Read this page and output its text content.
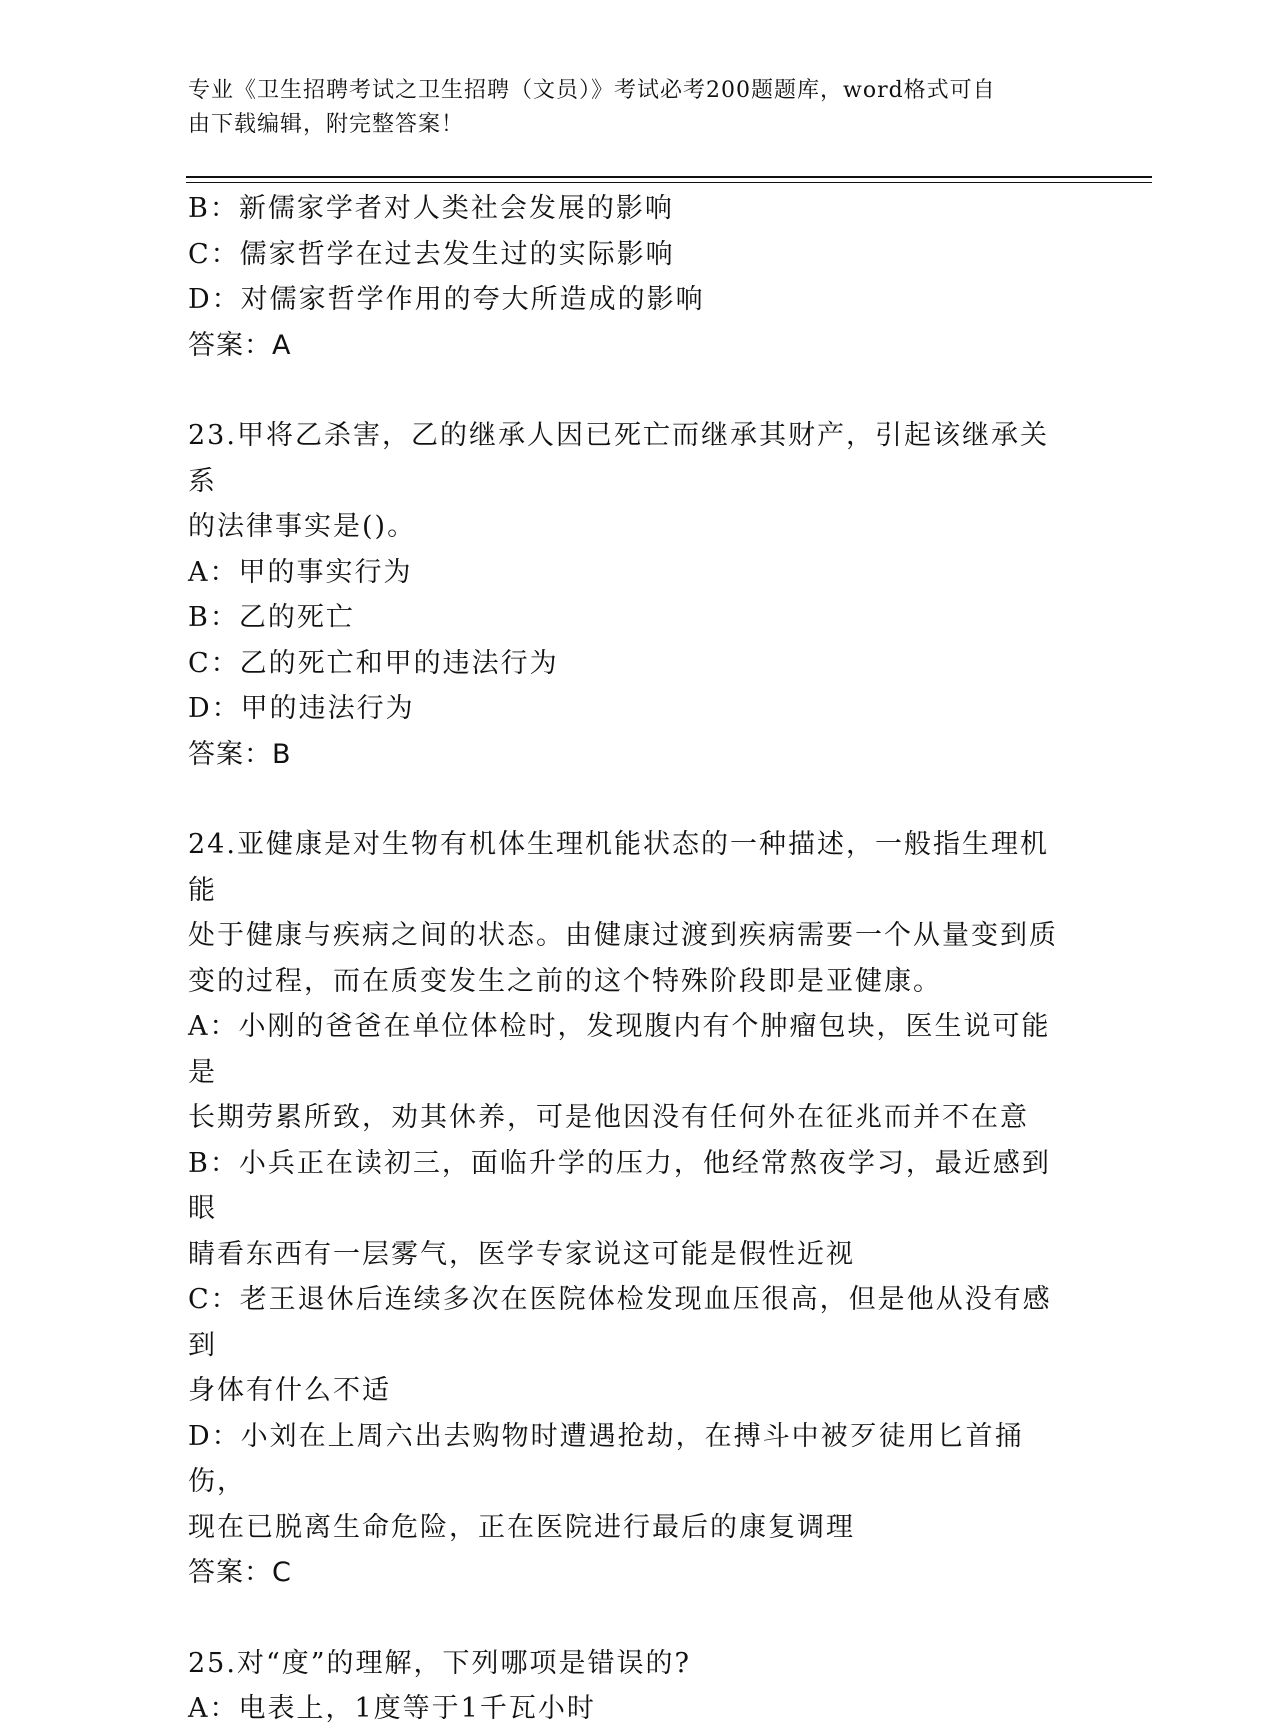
专业《卫生招聘考试之卫生招聘（文员）》考试必考200题题库，word格式可自
由下载编辑，附完整答案！
B：新儒家学者对人类社会发展的影响
C：儒家哲学在过去发生过的实际影响
D：对儒家哲学作用的夸大所造成的影响
答案：A
23.甲将乙杀害，乙的继承人因已死亡而继承其财产，引起该继承关系
的法律事实是()。
A：甲的事实行为
B：乙的死亡
C：乙的死亡和甲的违法行为
D：甲的违法行为
答案：B
24.亚健康是对生物有机体生理机能状态的一种描述，一般指生理机能
处于健康与疾病之间的状态。由健康过渡到疾病需要一个从量变到质
变的过程，而在质变发生之前的这个特殊阶段即是亚健康。
A：小刚的爸爸在单位体检时，发现腹内有个肿瘤包块，医生说可能是
长期劳累所致，劝其休养，可是他因没有任何外在征兆而并不在意
B：小兵正在读初三，面临升学的压力，他经常熬夜学习，最近感到眼
睛看东西有一层雾气，医学专家说这可能是假性近视
C：老王退休后连续多次在医院体检发现血压很高，但是他从没有感到
身体有什么不适
D：小刘在上周六出去购物时遭遇抢劫，在搏斗中被歹徒用匕首捅伤，
现在已脱离生命危险，正在医院进行最后的康复调理
答案：C
25.对“度”的理解，下列哪项是错误的?
A：电表上，1度等于1千瓦小时
